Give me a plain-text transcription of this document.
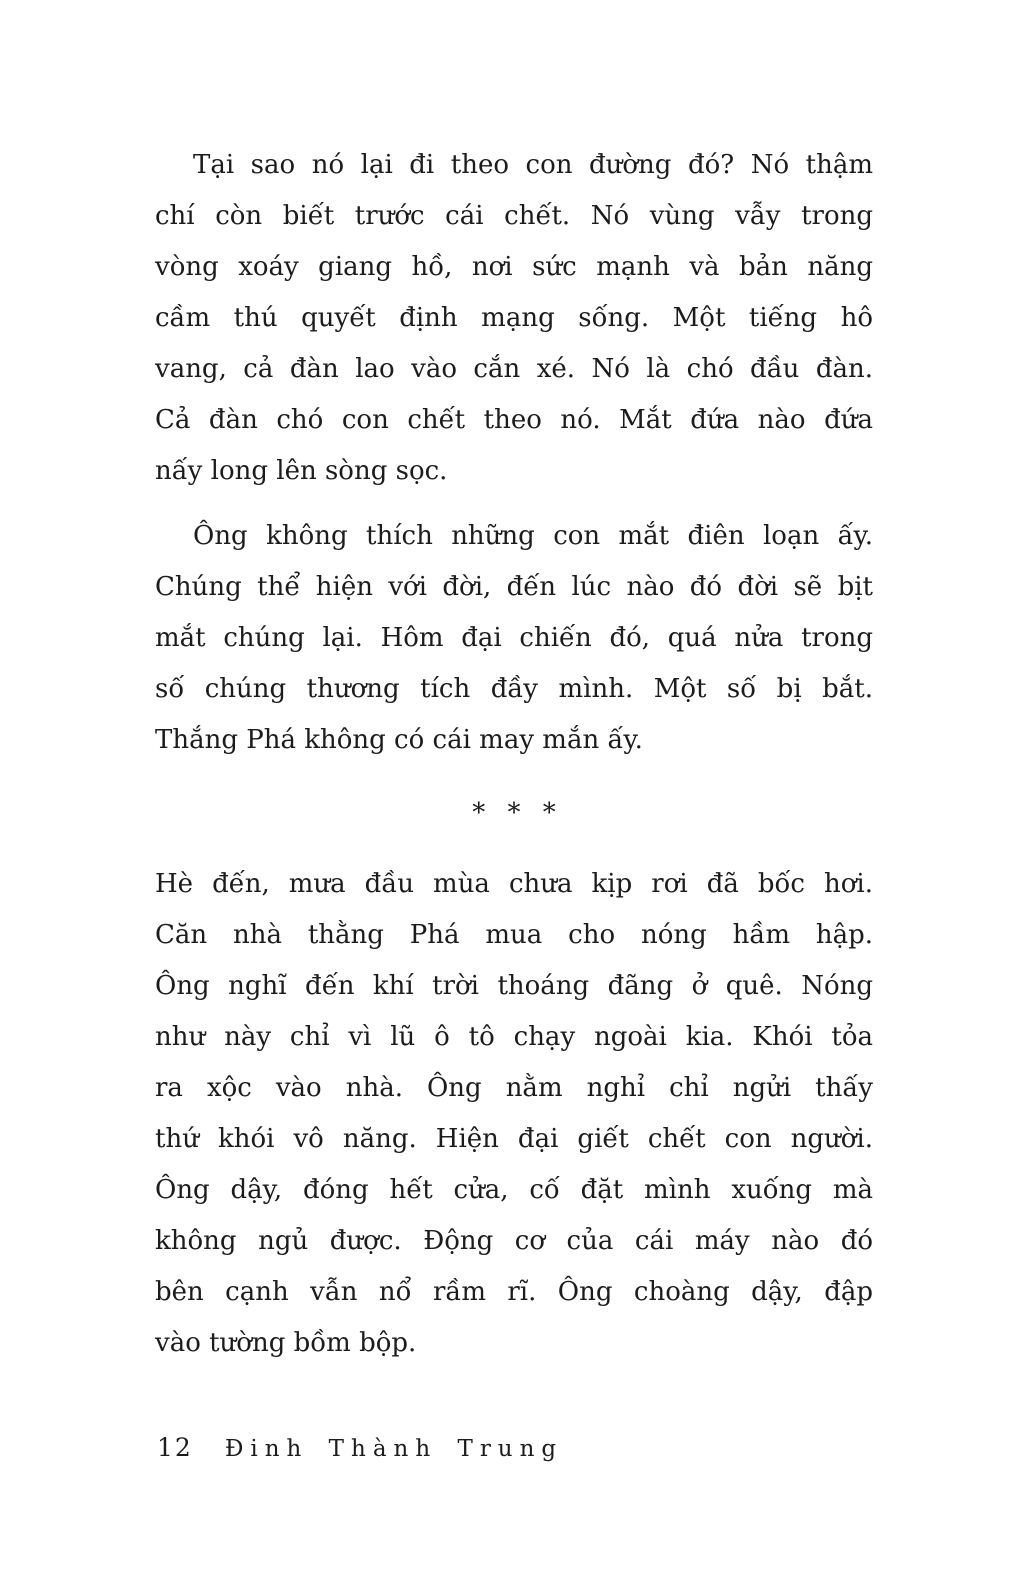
Tại sao nó lại đi theo con đường đó? Nó thậm
chí còn biết trước cái chết. Nó vùng vẫy trong
vòng xoáy giang hồ, nơi sức mạnh và bản năng
cầm thú quyết định mạng sống. Một tiếng hô
vang, cả đàn lao vào cắn xé. Nó là chó đầu đàn.
Cả đàn chó con chết theo nó. Mắt đứa nào đứa
nấy long lên sòng sọc.
Ông không thích những con mắt điên loạn ấy.
Chúng thể hiện với đời, đến lúc nào đó đời sẽ bịt
mắt chúng lại. Hôm đại chiến đó, quá nửa trong
số chúng thương tích đầy mình. Một số bị bắt.
Thắng Phá không có cái may mắn ấy.
* * *
Hè đến, mưa đầu mùa chưa kịp rơi đã bốc hơi.
Căn nhà thằng Phá mua cho nóng hầm hập.
Ông nghĩ đến khí trời thoáng đãng ở quê. Nóng
như này chỉ vì lũ ô tô chạy ngoài kia. Khói tỏa
ra xộc vào nhà. Ông nằm nghỉ chỉ ngửi thấy
thứ khói vô năng. Hiện đại giết chết con người.
Ông dậy, đóng hết cửa, cố đặt mình xuống mà
không ngủ được. Động cơ của cái máy nào đó
bên cạnh vẫn nổ rầm rĩ. Ông choàng dậy, đập
vào tường bồm bộp.
12 Đinh Thành Trung
